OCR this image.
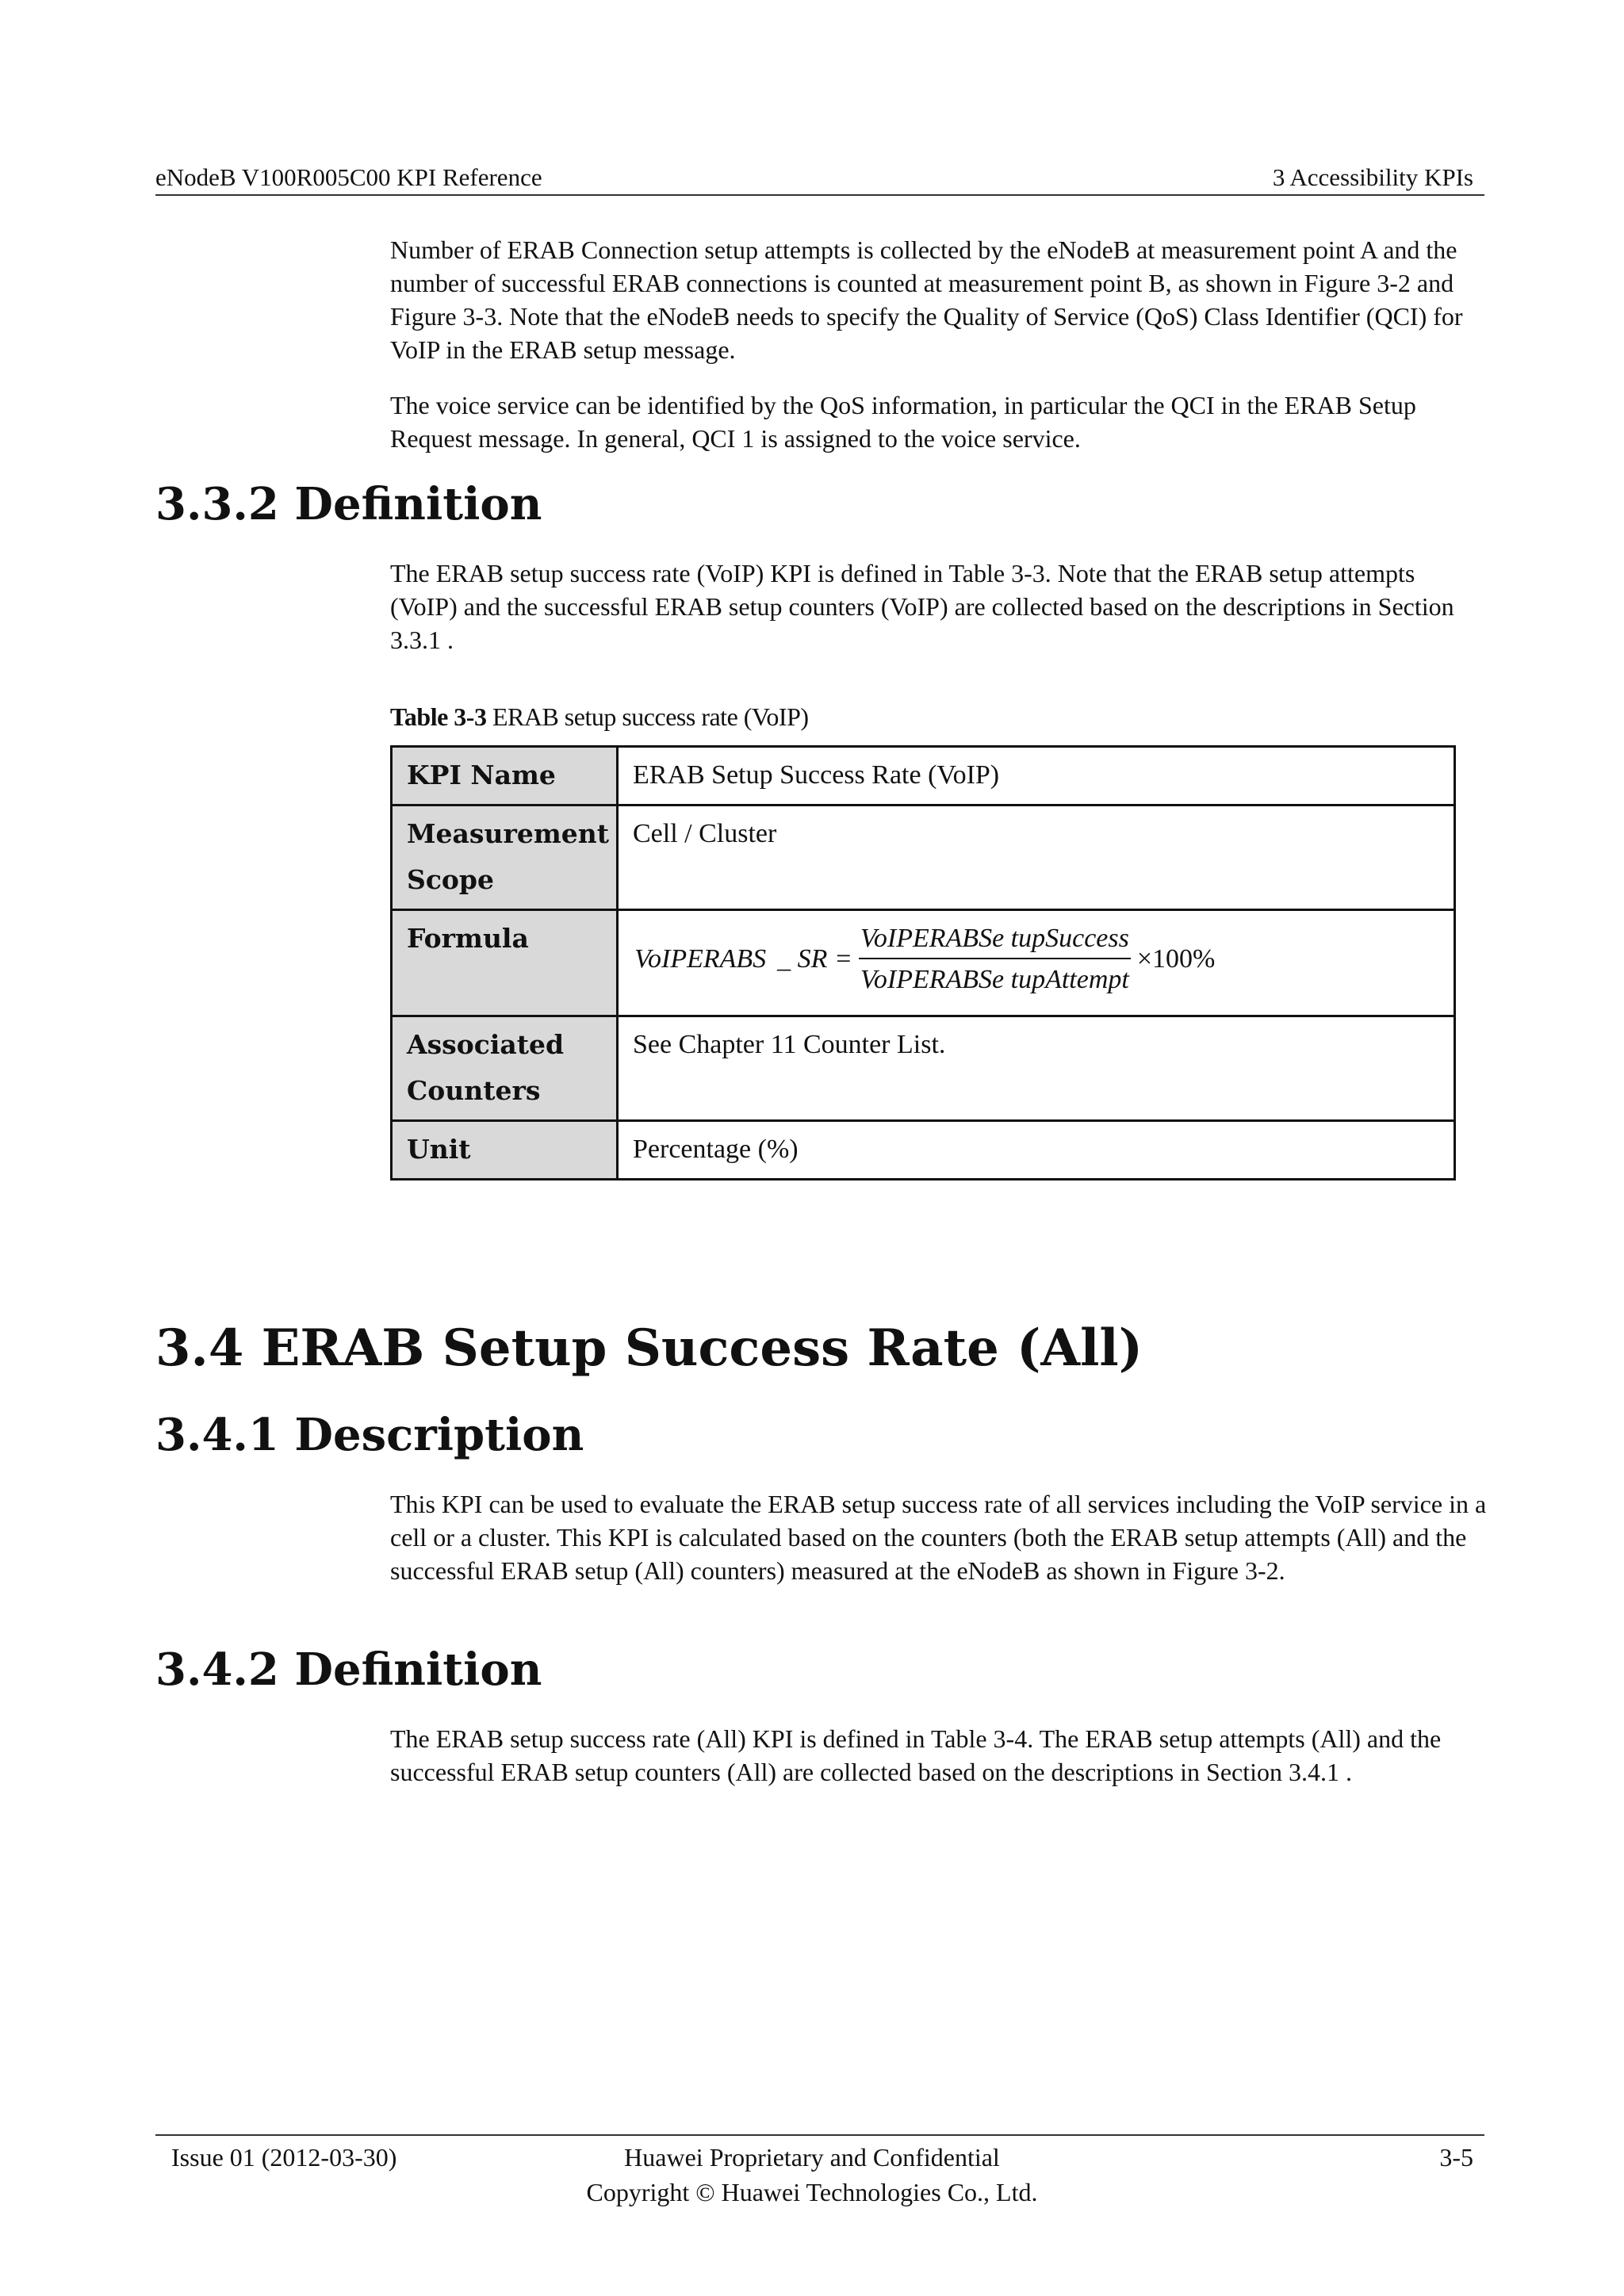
eNodeB V100R005C00 KPI Reference	3 Accessibility KPIs

Number of ERAB Connection setup attempts is collected by the eNodeB at measurement point A and the number of successful ERAB connections is counted at measurement point B, as shown in Figure 3-2 and Figure 3-3. Note that the eNodeB needs to specify the Quality of Service (QoS) Class Identifier (QCI) for VoIP in the ERAB setup message.

The voice service can be identified by the QoS information, in particular the QCI in the ERAB Setup Request message. In general, QCI 1 is assigned to the voice service.

3.3.2 Definition

The ERAB setup success rate (VoIP) KPI is defined in Table 3-3. Note that the ERAB setup attempts (VoIP) and the successful ERAB setup counters (VoIP) are collected based on the descriptions in Section 3.3.1 .

Table 3-3 ERAB setup success rate (VoIP)
KPI Name	ERAB Setup Success Rate (VoIP)

Measurement
Scope	Cell / Cluster
Formula	VoIPERABS _ SR = $\frac{\text{VoIPERABSe tupSuccess}}{\text{VoIPERABSe tupAttempt}} \times 100\%$

Associated
Counters	See Chapter 11 Counter List.
Unit	Percentage (%)
3.4 ERAB Setup Success Rate (All)
3.4.1 Description

This KPI can be used to evaluate the ERAB setup success rate of all services including the VoIP service in a cell or a cluster. This KPI is calculated based on the counters (both the ERAB setup attempts (All) and the successful ERAB setup (All) counters) measured at the eNodeB as shown in Figure 3-2.

3.4.2 Definition

The ERAB setup success rate (All) KPI is defined in Table 3-4. The ERAB setup attempts (All) and the successful ERAB setup counters (All) are collected based on the descriptions in Section 3.4.1 .

Issue 01 (2012-03-30)	Huawei Proprietary and Confidential
Copyright © Huawei Technologies Co., Ltd.
3-5
